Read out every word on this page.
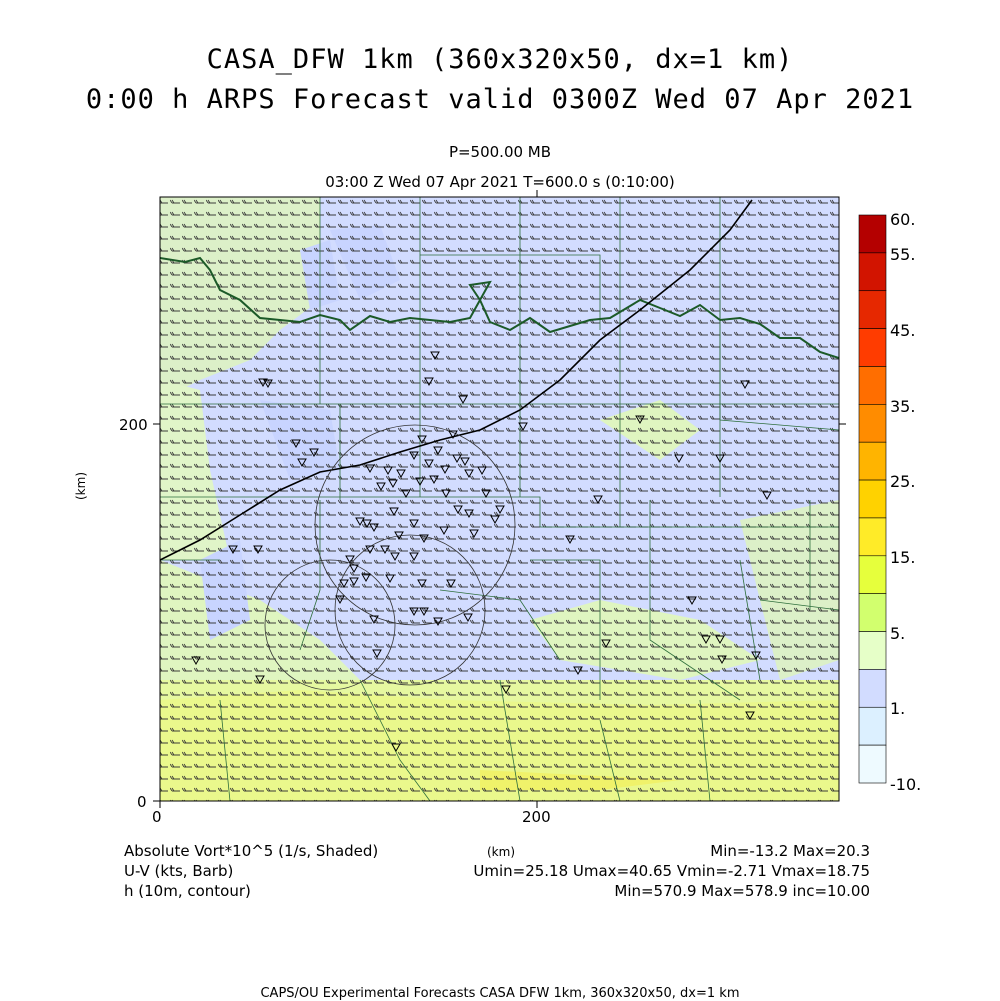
CASA_DFW 1km (360x320x50, dx=1 km)
0:00 h ARPS Forecast valid 0300Z Wed 07 Apr 2021
P=500.00 MB
03:00 Z Wed 07 Apr 2021 T=600.0 s (0:10:00)
0	200
0
200
(km)
60.
55.
45.
35.
25.
15.
5.
1.
-10.
Absolute Vort*10^5 (1/s, Shaded)
U-V (kts, Barb)
h (10m, contour)
(km)	Min=-13.2 Max=20.3
Umin=25.18 Umax=40.65 Vmin=-2.71 Vmax=18.75
Min=570.9 Max=578.9 inc=10.00
CAPS/OU Experimental Forecasts CASA DFW 1km, 360x320x50, dx=1 km
